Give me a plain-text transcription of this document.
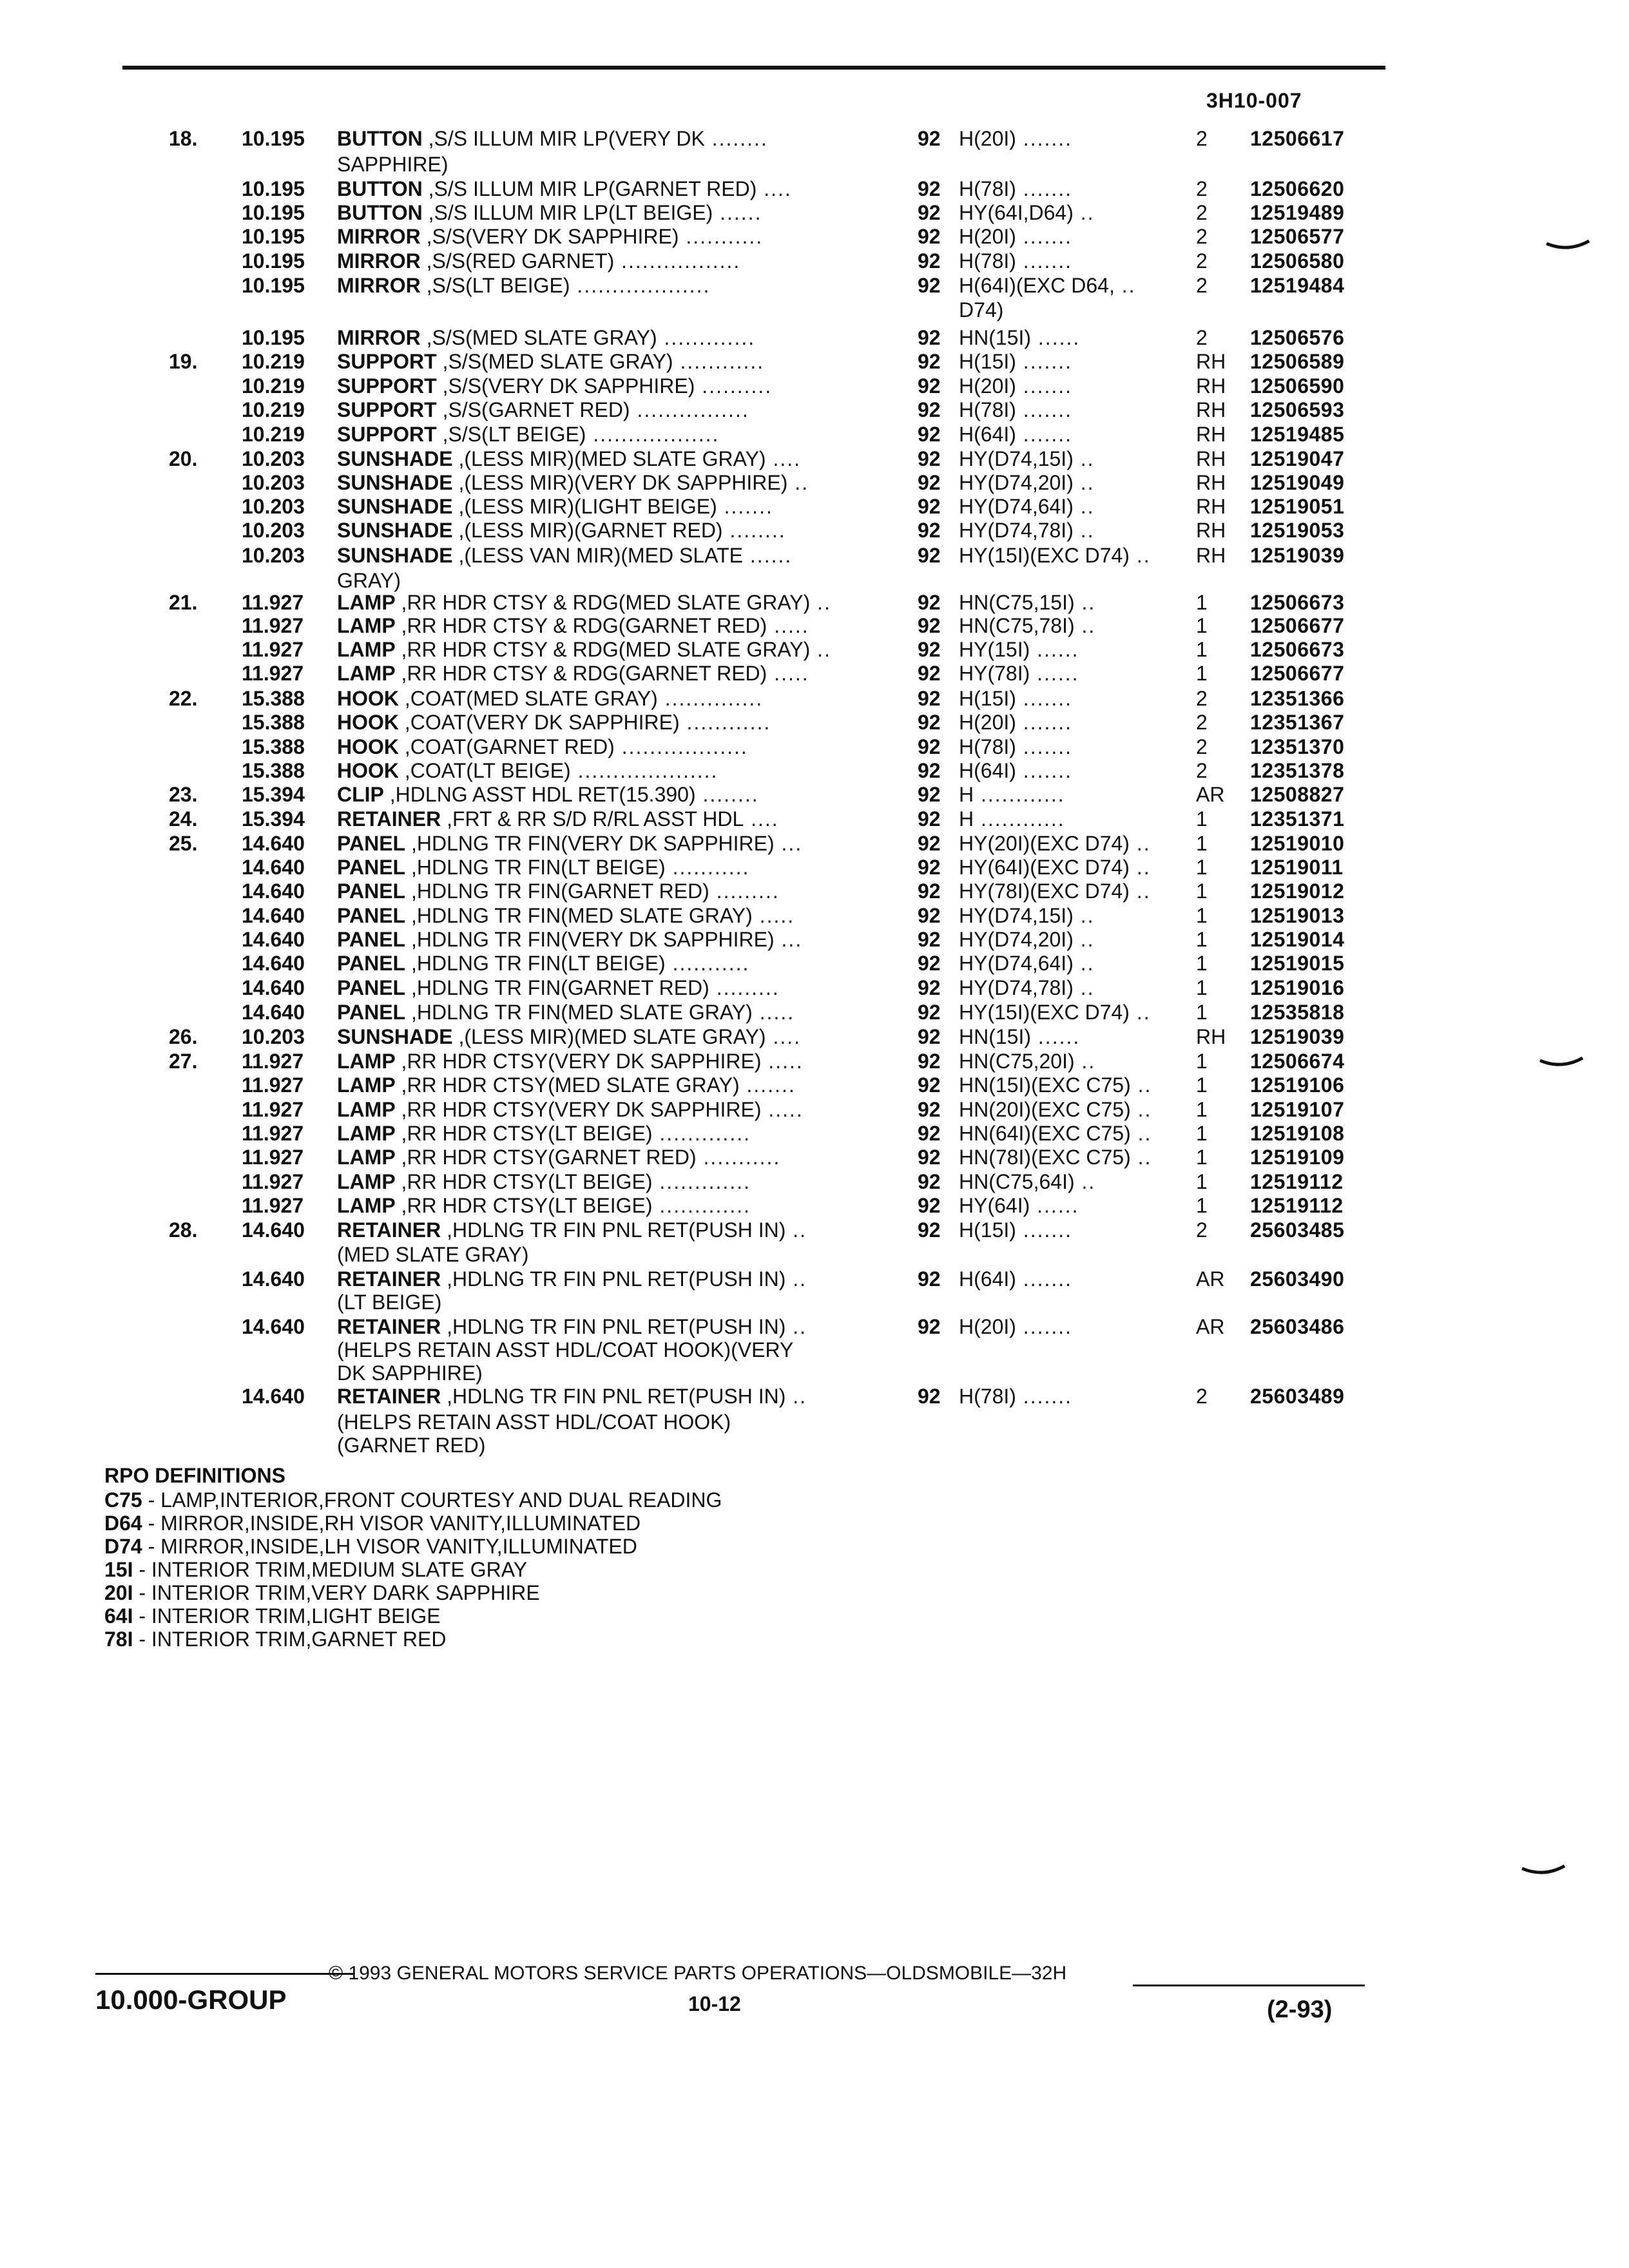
3H10-007
18. 10.195 BUTTON ,S/S ILLUM MIR LP(VERY DK ........	92 H(20I) .......	2 12506617
SAPPHIRE)
10.195 BUTTON ,S/S ILLUM MIR LP(GARNET RED) ....	92 H(78I) .......	2 12506620
10.195 BUTTON ,S/S ILLUM MIR LP(LT BEIGE) ......	92 HY(64I,D64) ..	2 12519489
10.195 MIRROR ,S/S(VERY DK SAPPHIRE) ...........	92 H(20I) .......	2 12506577
10.195 MIRROR ,S/S(RED GARNET) .................	92 H(78I) .......	2 12506580
10.195 MIRROR ,S/S(LT BEIGE) ...................	92 H(64I)(EXC D64, ..	2 12519484
D74)
10.195 MIRROR ,S/S(MED SLATE GRAY) .............	92 HN(15I) ......	2 12506576
19. 10.219 SUPPORT ,S/S(MED SLATE GRAY) ............	92 H(15I) .......	RH 12506589
10.219 SUPPORT ,S/S(VERY DK SAPPHIRE) ..........	92 H(20I) .......	RH 12506590
10.219 SUPPORT ,S/S(GARNET RED) ................	92 H(78I) .......	RH 12506593
10.219 SUPPORT ,S/S(LT BEIGE) ..................	92 H(64I) .......	RH 12519485
20. 10.203 SUNSHADE ,(LESS MIR)(MED SLATE GRAY) ....	92 HY(D74,15I) ..	RH 12519047
10.203 SUNSHADE ,(LESS MIR)(VERY DK SAPPHIRE) ..	92 HY(D74,20I) ..	RH 12519049
10.203 SUNSHADE ,(LESS MIR)(LIGHT BEIGE) .......	92 HY(D74,64I) ..	RH 12519051
10.203 SUNSHADE ,(LESS MIR)(GARNET RED) ........	92 HY(D74,78I) ..	RH 12519053
10.203 SUNSHADE ,(LESS VAN MIR)(MED SLATE ......	92 HY(15I)(EXC D74) .. RH 12519039
GRAY)
21. 11.927 LAMP ,RR HDR CTSY & RDG(MED SLATE GRAY) ..	92 HN(C75,15I) ..	1 12506673
11.927 LAMP ,RR HDR CTSY & RDG(GARNET RED) .....	92 HN(C75,78I) ..	1 12506677
11.927 LAMP ,RR HDR CTSY & RDG(MED SLATE GRAY) ..	92 HY(15I) ......	1 12506673
11.927 LAMP ,RR HDR CTSY & RDG(GARNET RED) .....	92 HY(78I) ......	1 12506677
22. 15.388 HOOK ,COAT(MED SLATE GRAY) ..............	92 H(15I) .......	2 12351366
15.388 HOOK ,COAT(VERY DK SAPPHIRE) ............	92 H(20I) .......	2 12351367
15.388 HOOK ,COAT(GARNET RED) ..................	92 H(78I) .......	2 12351370
15.388 HOOK ,COAT(LT BEIGE) ....................	92 H(64I) .......	2 12351378
23. 15.394 CLIP ,HDLNG ASST HDL RET(15.390) ........	92 H ............	AR 12508827
24. 15.394 RETAINER ,FRT & RR S/D R/RL ASST HDL ....	92 H ............	1 12351371
25. 14.640 PANEL ,HDLNG TR FIN(VERY DK SAPPHIRE) ...	92 HY(20I)(EXC D74) .. 1 12519010
14.640 PANEL ,HDLNG TR FIN(LT BEIGE) ...........	92 HY(64I)(EXC D74) .. 1 12519011
14.640 PANEL ,HDLNG TR FIN(GARNET RED) .........	92 HY(78I)(EXC D74) .. 1 12519012
14.640 PANEL ,HDLNG TR FIN(MED SLATE GRAY) .....	92 HY(D74,15I) ..	1 12519013
14.640 PANEL ,HDLNG TR FIN(VERY DK SAPPHIRE) ...	92 HY(D74,20I) ..	1 12519014
14.640 PANEL ,HDLNG TR FIN(LT BEIGE) ...........	92 HY(D74,64I) ..	1 12519015
14.640 PANEL ,HDLNG TR FIN(GARNET RED) .........	92 HY(D74,78I) ..	1 12519016
14.640 PANEL ,HDLNG TR FIN(MED SLATE GRAY) .....	92 HY(15I)(EXC D74) .. 1 12535818
26. 10.203 SUNSHADE ,(LESS MIR)(MED SLATE GRAY) ....	92 HN(15I) ......	RH 12519039
27. 11.927 LAMP ,RR HDR CTSY(VERY DK SAPPHIRE) .....	92 HN(C75,20I) ..	1 12506674
11.927 LAMP ,RR HDR CTSY(MED SLATE GRAY) .......	92 HN(15I)(EXC C75) .. 1 12519106
11.927 LAMP ,RR HDR CTSY(VERY DK SAPPHIRE) .....	92 HN(20I)(EXC C75) .. 1 12519107
11.927 LAMP ,RR HDR CTSY(LT BEIGE) .............	92 HN(64I)(EXC C75) .. 1 12519108
11.927 LAMP ,RR HDR CTSY(GARNET RED) ...........	92 HN(78I)(EXC C75) .. 1 12519109
11.927 LAMP ,RR HDR CTSY(LT BEIGE) .............	92 HN(C75,64I) ..	1 12519112
11.927 LAMP ,RR HDR CTSY(LT BEIGE) .............	92 HY(64I) ......	1 12519112
28. 14.640 RETAINER ,HDLNG TR FIN PNL RET(PUSH IN) ..	92 H(15I) .......	2 25603485
(MED SLATE GRAY)
14.640 RETAINER ,HDLNG TR FIN PNL RET(PUSH IN) ..	92 H(64I) .......	AR 25603490
(LT BEIGE)
14.640 RETAINER ,HDLNG TR FIN PNL RET(PUSH IN) ..	92 H(20I) .......	AR 25603486
(HELPS RETAIN ASST HDL/COAT HOOK)(VERY
DK SAPPHIRE)
14.640 RETAINER ,HDLNG TR FIN PNL RET(PUSH IN) ..	92 H(78I) .......	2 25603489
(HELPS RETAIN ASST HDL/COAT HOOK)
(GARNET RED)
RPO DEFINITIONS
C75 - LAMP,INTERIOR,FRONT COURTESY AND DUAL READING
D64 - MIRROR,INSIDE,RH VISOR VANITY,ILLUMINATED
D74 - MIRROR,INSIDE,LH VISOR VANITY,ILLUMINATED
15I - INTERIOR TRIM,MEDIUM SLATE GRAY
20I - INTERIOR TRIM,VERY DARK SAPPHIRE
64I - INTERIOR TRIM,LIGHT BEIGE
78I - INTERIOR TRIM,GARNET RED
10.000-GROUP
© 1993 GENERAL MOTORS SERVICE PARTS OPERATIONS—OLDSMOBILE—32H
10-12	(2-93)
